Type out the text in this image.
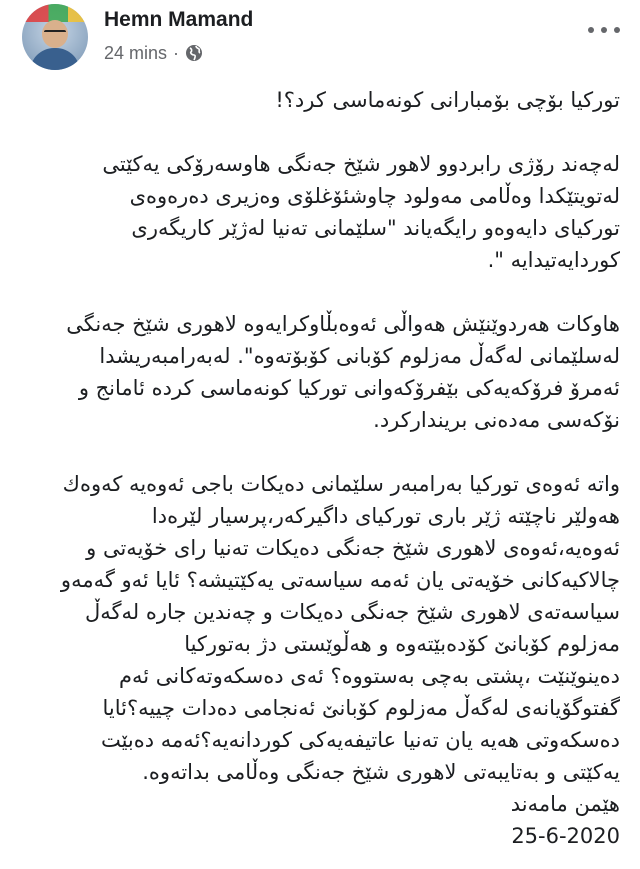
Hemn Mamand
24 mins ·
تورکیا بۆچی بۆمبارانی کونەماسی کرد؟!
لەچەند رۆژی رابردوو لاهور شێخ جەنگی هاوسەرۆکی یەکێتی
لەتویتێکدا وەڵامی مەولود چاوشئۆغلۆی وەزیری دەرەوەی
تورکیای دایەوەو رایگەیاند "سلێمانی تەنیا لەژێر کاریگەری
کوردایەتیدایە ".
هاوکات هەردوێنێش هەواڵی ئەوەبڵاوکرایەوە لاهوری شێخ جەنگی
لەسلێمانی لەگەڵ مەزلوم کۆبانی کۆبۆتەوە". لەبەرامبەریشدا
ئەمرۆ فرۆکەیەکی بێفرۆکەوانی تورکیا کونەماسی کردە ئامانج و
نۆکەسی مەدەنی بریندارکرد.
واتە ئەوەی تورکیا بەرامبەر سلێمانی دەیکات باجی ئەوەیە کەوەك
هەولێر ناچێتە ژێر باری تورکیای داگیرکەر،پرسیار لێرەدا
ئەوەیە،ئەوەی لاهوری شێخ جەنگی دەیکات تەنیا رای خۆیەتی و
چالاکیەکانی خۆیەتی یان ئەمە سیاسەتی یەکێتیشە؟ ئایا ئەو گەمەو
سیاسەتەی لاهوری شێخ جەنگی دەیکات و چەندین جارە لەگەڵ
مەزلوم کۆبانێ کۆدەبێتەوە و هەڵوێستی دژ بەتورکیا
دەینوێنێت ،پشتی بەچی بەستووە؟ ئەی دەسکەوتەکانی ئەم
گفتوگۆیانەی لەگەڵ مەزلوم کۆبانێ ئەنجامی دەدات چیيە؟ئایا
دەسکەوتی هەیە یان تەنیا عاتیفەیەکی کوردانەیە؟ئەمە دەبێت
یەکێتی و بەتایبەتی لاهوری شێخ جەنگی وەڵامی بداتەوە.
هێمن مامەند
25-6-2020
